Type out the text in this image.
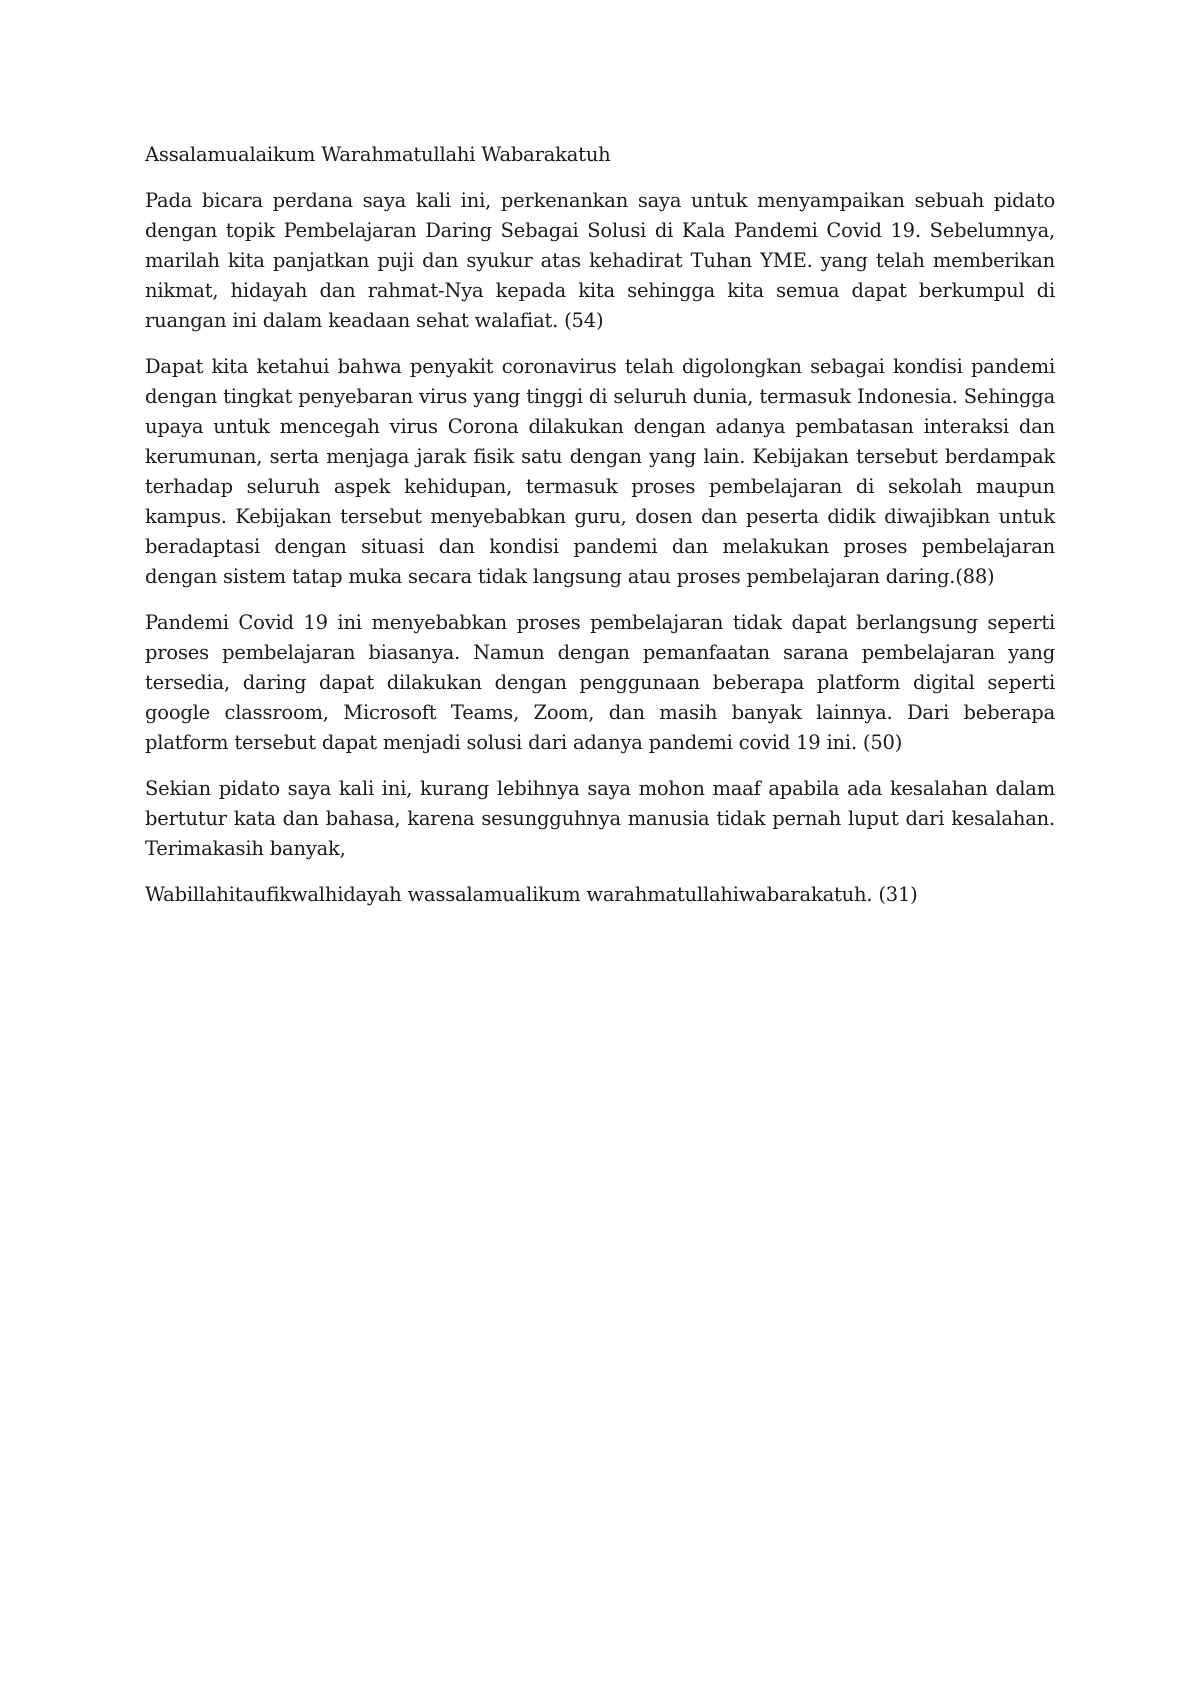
Assalamualaikum Warahmatullahi Wabarakatuh

Pada bicara perdana saya kali ini, perkenankan saya untuk menyampaikan sebuah pidato dengan topik Pembelajaran Daring Sebagai Solusi di Kala Pandemi Covid 19. Sebelumnya, marilah kita panjatkan puji dan syukur atas kehadirat Tuhan YME. yang telah memberikan nikmat, hidayah dan rahmat-Nya kepada kita sehingga kita semua dapat berkumpul di ruangan ini dalam keadaan sehat walafiat. (54)

Dapat kita ketahui bahwa penyakit coronavirus telah digolongkan sebagai kondisi pandemi dengan tingkat penyebaran virus yang tinggi di seluruh dunia, termasuk Indonesia. Sehingga upaya untuk mencegah virus Corona dilakukan dengan adanya pembatasan interaksi dan kerumunan, serta menjaga jarak fisik satu dengan yang lain. Kebijakan tersebut berdampak terhadap seluruh aspek kehidupan, termasuk proses pembelajaran di sekolah maupun kampus. Kebijakan tersebut menyebabkan guru, dosen dan peserta didik diwajibkan untuk beradaptasi dengan situasi dan kondisi pandemi dan melakukan proses pembelajaran dengan sistem tatap muka secara tidak langsung atau proses pembelajaran daring.(88)

Pandemi Covid 19 ini menyebabkan proses pembelajaran tidak dapat berlangsung seperti proses pembelajaran biasanya. Namun dengan pemanfaatan sarana pembelajaran yang tersedia, daring dapat dilakukan dengan penggunaan beberapa platform digital seperti google classroom, Microsoft Teams, Zoom, dan masih banyak lainnya. Dari beberapa platform tersebut dapat menjadi solusi dari adanya pandemi covid 19 ini. (50)

Sekian pidato saya kali ini, kurang lebihnya saya mohon maaf apabila ada kesalahan dalam bertutur kata dan bahasa, karena sesungguhnya manusia tidak pernah luput dari kesalahan. Terimakasih banyak,

Wabillahitaufikwalhidayah wassalamualikum warahmatullahiwabarakatuh. (31)
